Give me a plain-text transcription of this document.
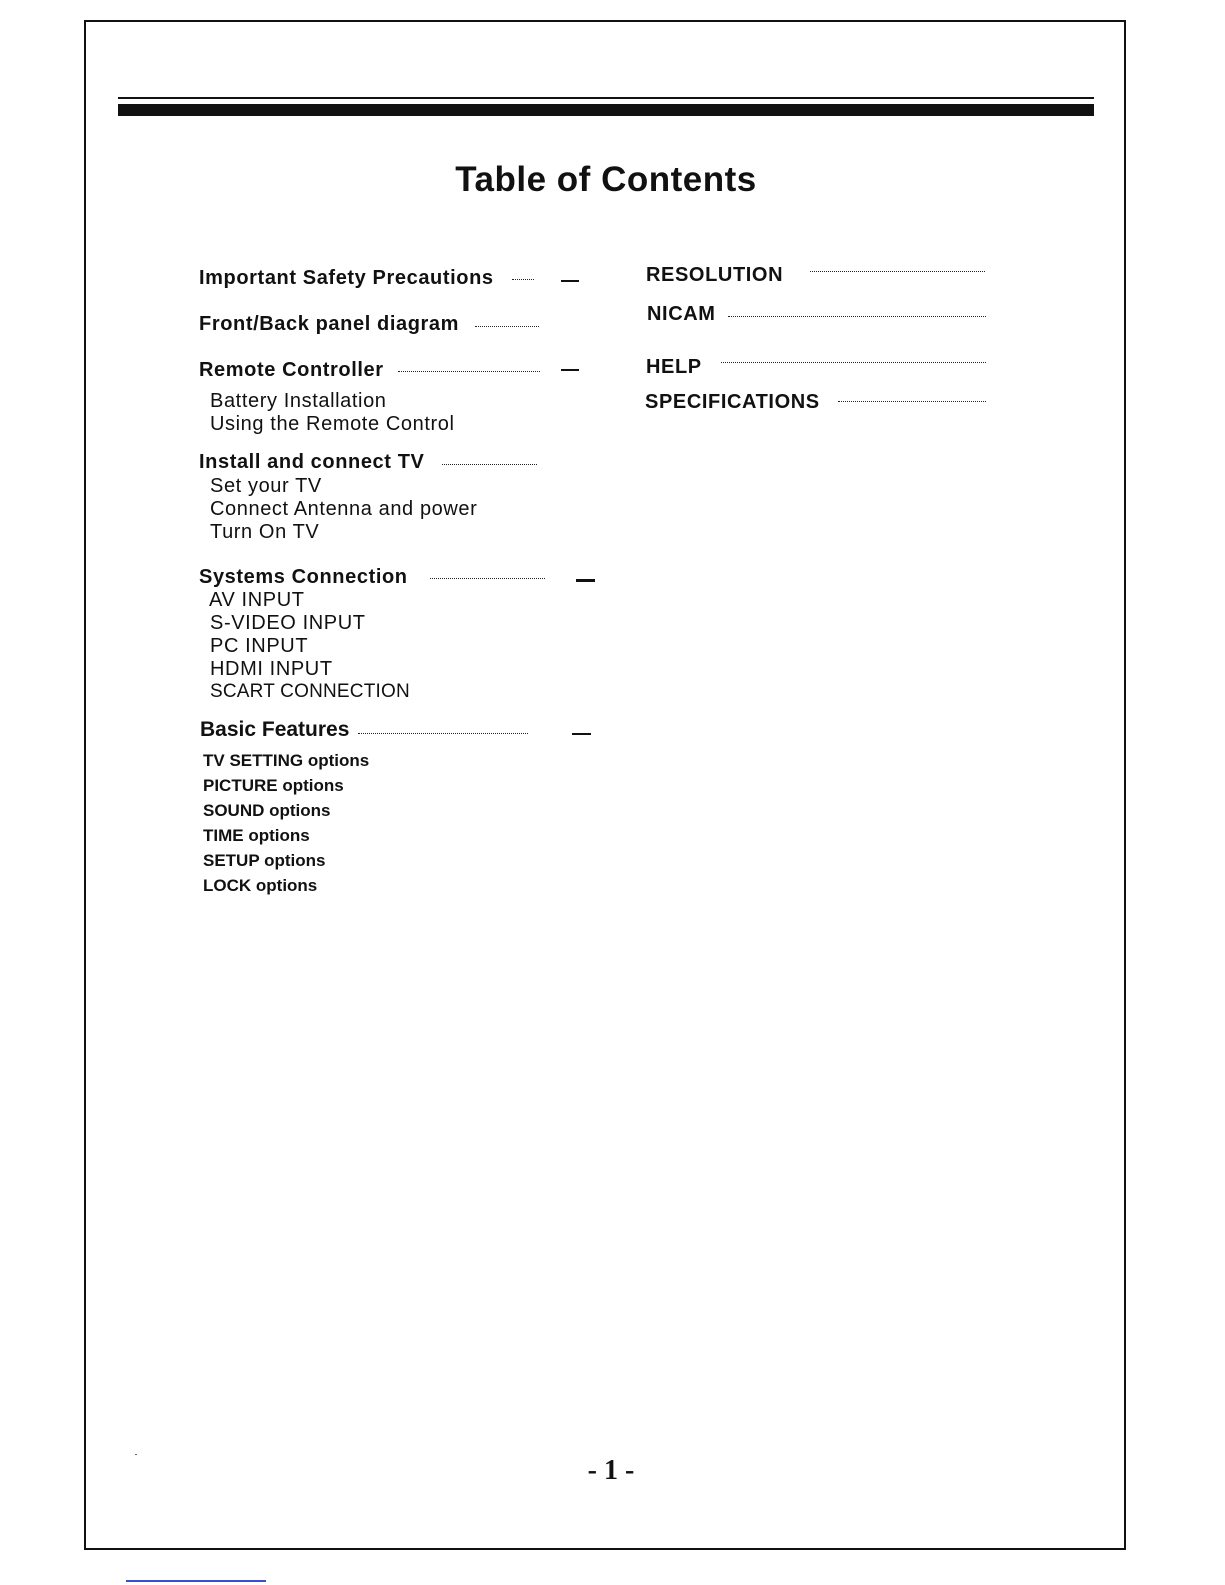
Table of Contents
Important Safety Precautions
Front/Back panel diagram
Remote Controller
Battery Installation
Using the Remote Control
Install and connect TV
Set your TV
Connect Antenna and power
Turn On TV
Systems Connection
AV INPUT
S-VIDEO INPUT
PC INPUT
HDMI INPUT
SCART CONNECTION
Basic Features
TV SETTING options
PICTURE options
SOUND options
TIME options
SETUP options
LOCK options
RESOLUTION
NICAM
HELP
SPECIFICATIONS
- 1 -
